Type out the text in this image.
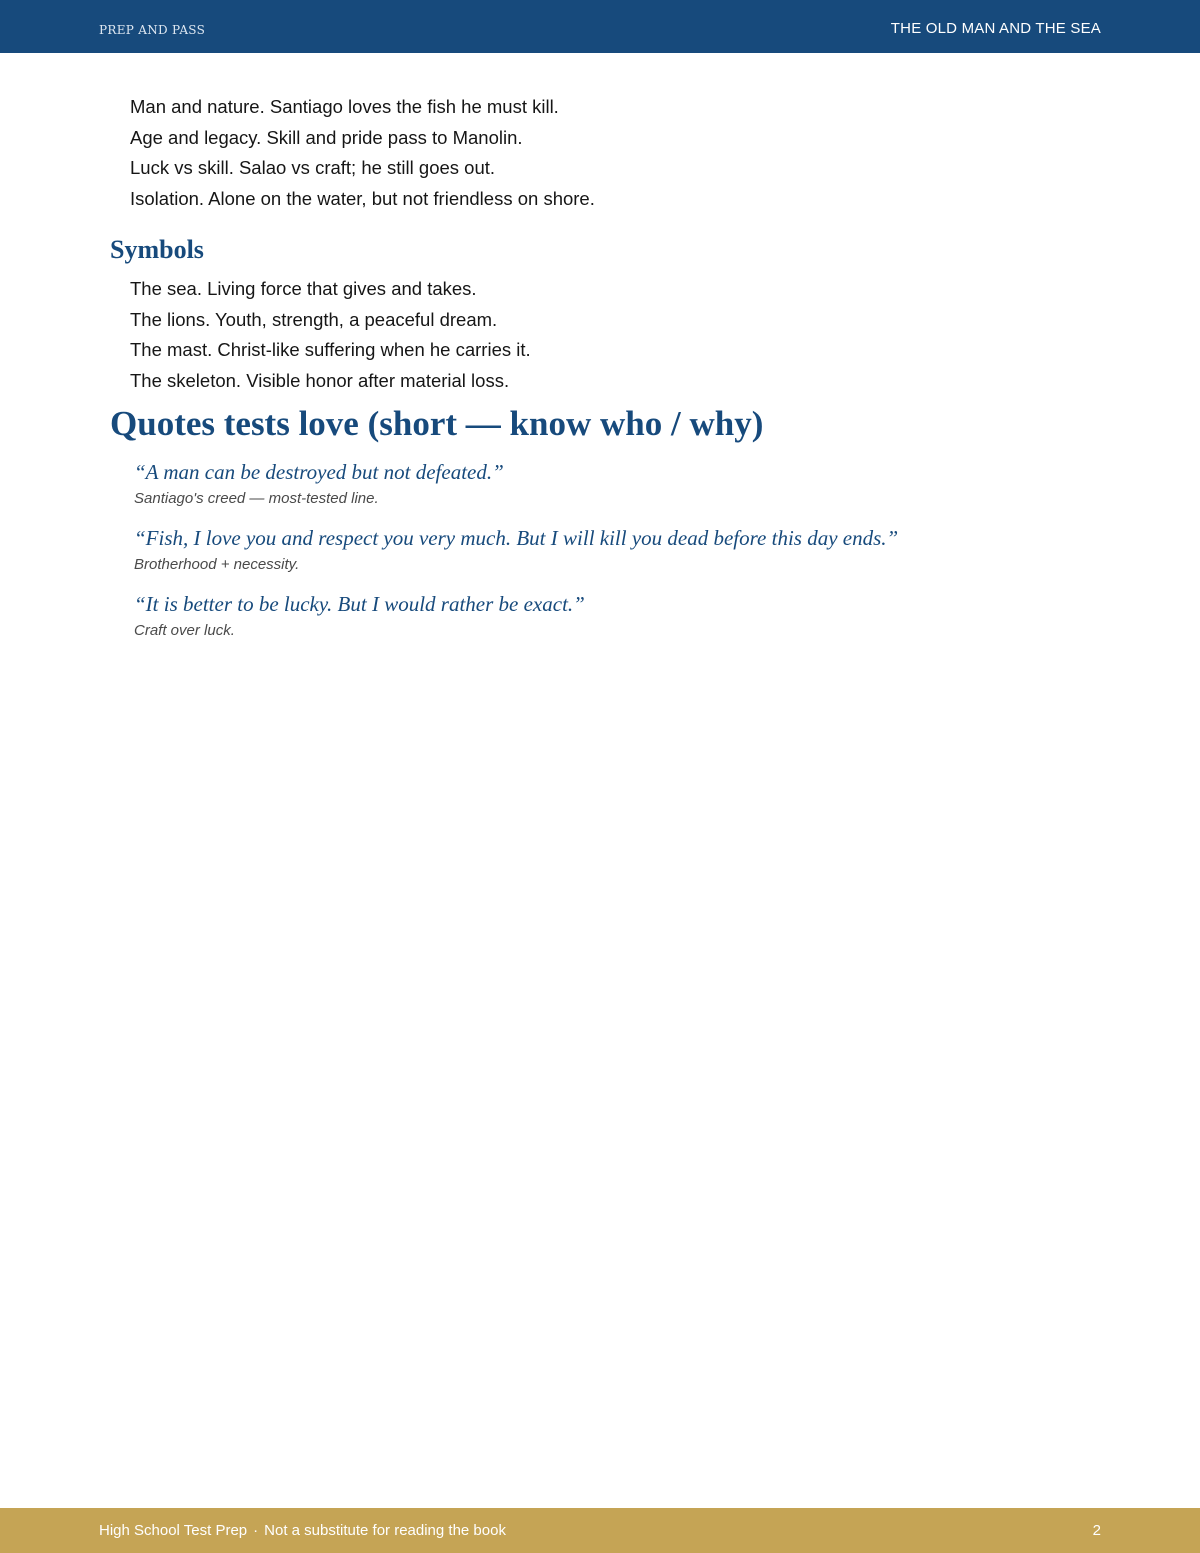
PREP AND PASS	THE OLD MAN AND THE SEA
Man and nature. Santiago loves the fish he must kill.
Age and legacy. Skill and pride pass to Manolin.
Luck vs skill. Salao vs craft; he still goes out.
Isolation. Alone on the water, but not friendless on shore.
Symbols
The sea. Living force that gives and takes.
The lions. Youth, strength, a peaceful dream.
The mast. Christ-like suffering when he carries it.
The skeleton. Visible honor after material loss.
Quotes tests love (short — know who / why)
“A man can be destroyed but not defeated.”
Santiago's creed — most-tested line.
“Fish, I love you and respect you very much. But I will kill you dead before this day ends.”
Brotherhood + necessity.
“It is better to be lucky. But I would rather be exact.”
Craft over luck.
High School Test Prep · Not a substitute for reading the book	2
